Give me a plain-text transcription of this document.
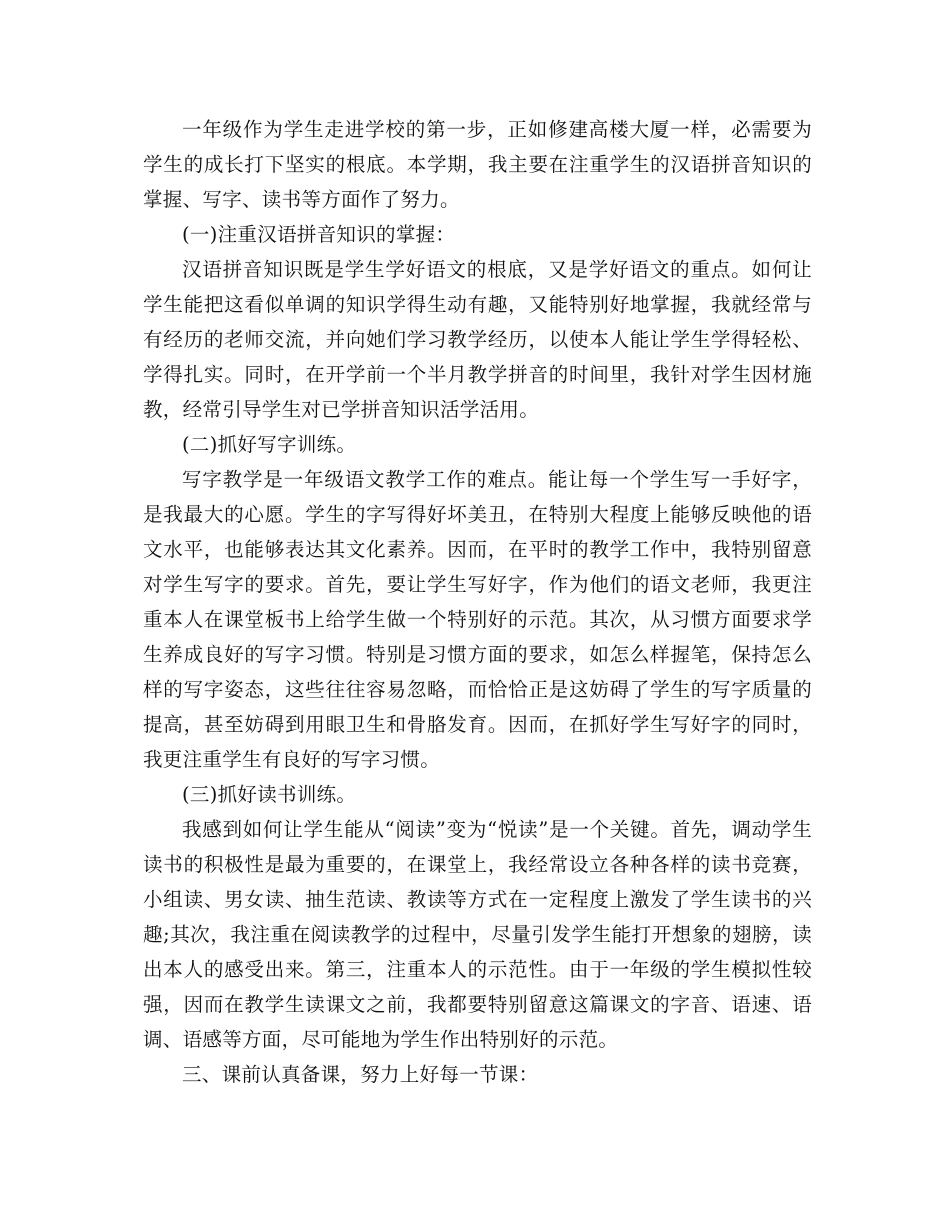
一年级作为学生走进学校的第一步，正如修建高楼大厦一样，必需要为学生的成长打下坚实的根底。本学期，我主要在注重学生的汉语拼音知识的掌握、写字、读书等方面作了努力。

(一)注重汉语拼音知识的掌握：

汉语拼音知识既是学生学好语文的根底，又是学好语文的重点。如何让学生能把这看似单调的知识学得生动有趣，又能特别好地掌握，我就经常与有经历的老师交流，并向她们学习教学经历，以使本人能让学生学得轻松、学得扎实。同时，在开学前一个半月教学拼音的时间里，我针对学生因材施教，经常引导学生对已学拼音知识活学活用。

(二)抓好写字训练。

写字教学是一年级语文教学工作的难点。能让每一个学生写一手好字，是我最大的心愿。学生的字写得好坏美丑，在特别大程度上能够反映他的语文水平，也能够表达其文化素养。因而，在平时的教学工作中，我特别留意对学生写字的要求。首先，要让学生写好字，作为他们的语文老师，我更注重本人在课堂板书上给学生做一个特别好的示范。其次，从习惯方面要求学生养成良好的写字习惯。特别是习惯方面的要求，如怎么样握笔，保持怎么样的写字姿态，这些往往容易忽略，而恰恰正是这妨碍了学生的写字质量的提高，甚至妨碍到用眼卫生和骨胳发育。因而，在抓好学生写好字的同时，我更注重学生有良好的写字习惯。

(三)抓好读书训练。

我感到如何让学生能从“阅读”变为“悦读”是一个关键。首先，调动学生读书的积极性是最为重要的，在课堂上，我经常设立各种各样的读书竞赛，小组读、男女读、抽生范读、教读等方式在一定程度上激发了学生读书的兴趣;其次，我注重在阅读教学的过程中，尽量引发学生能打开想象的翅膀，读出本人的感受出来。第三，注重本人的示范性。由于一年级的学生模拟性较强，因而在教学生读课文之前，我都要特别留意这篇课文的字音、语速、语调、语感等方面，尽可能地为学生作出特别好的示范。

三、课前认真备课，努力上好每一节课：
